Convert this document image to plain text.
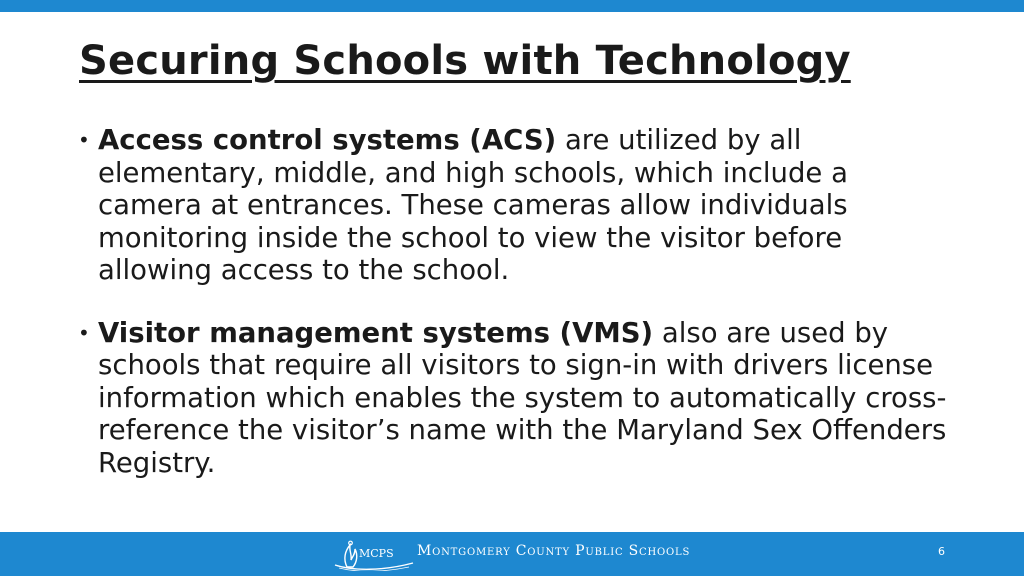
Securing Schools with Technology
• Access control systems (ACS) are utilized by all elementary, middle, and high schools, which include a camera at entrances. These cameras allow individuals monitoring inside the school to view the visitor before allowing access to the school.
• Visitor management systems (VMS) also are used by schools that require all visitors to sign-in with drivers license information which enables the system to automatically cross-reference the visitor’s name with the Maryland Sex Offenders Registry.
MCPS Montgomery County Public Schools	6
